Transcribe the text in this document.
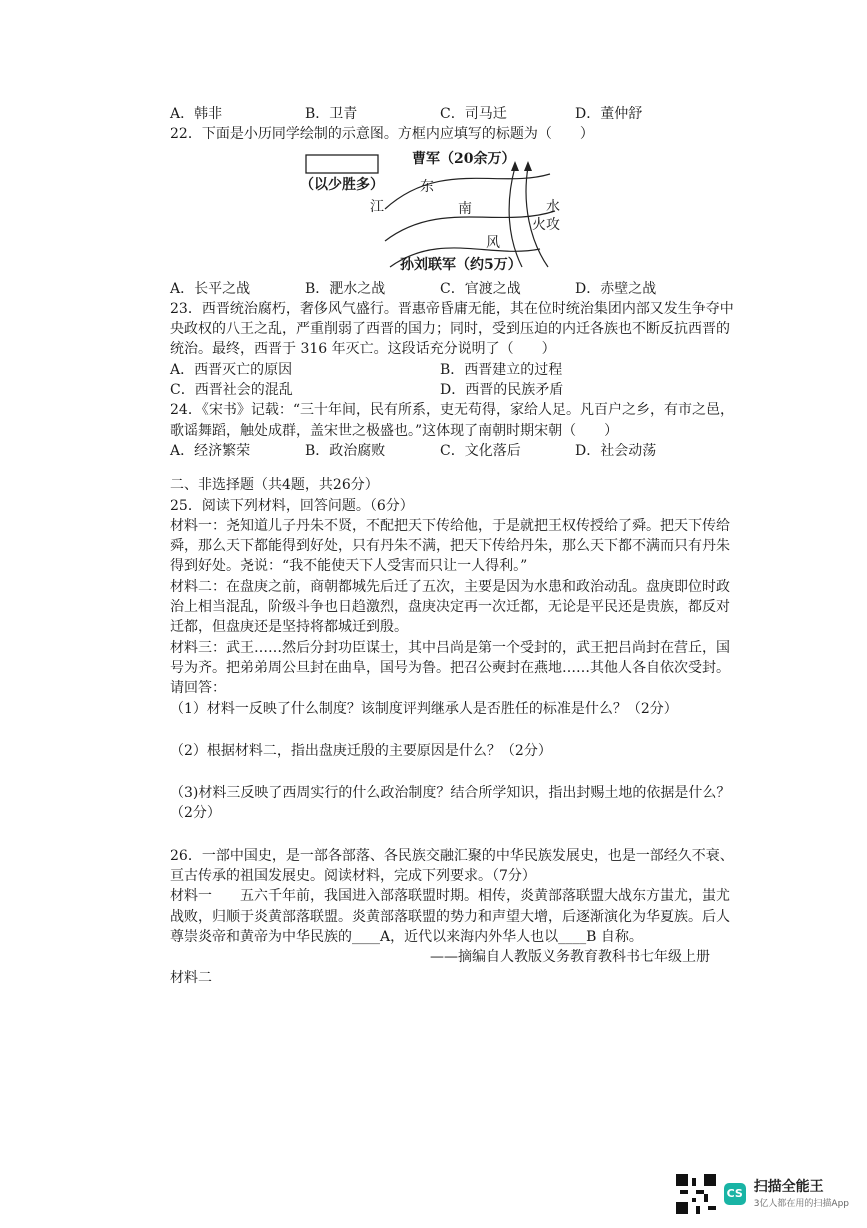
A．韩非	B．卫青	C．司马迁	D．董仲舒
22．下面是小历同学绘制的示意图。方框内应填写的标题为（　　）
曹军（20余万）
（以少胜多）
江
东
南	水
火攻
风
孙刘联军（约5万）
A．长平之战	B．淝水之战	C．官渡之战	D．赤壁之战
23．西晋统治腐朽，奢侈风气盛行。晋惠帝昏庸无能，其在位时统治集团内部又发生争夺中
央政权的八王之乱，严重削弱了西晋的国力；同时，受到压迫的内迁各族也不断反抗西晋的
统治。最终，西晋于 316 年灭亡。这段话充分说明了（　　）
A．西晋灭亡的原因	B．西晋建立的过程
C．西晋社会的混乱	D．西晋的民族矛盾
24．《宋书》记载：“三十年间，民有所系，吏无苟得，家给人足。凡百户之乡，有市之邑，
歌谣舞蹈，触处成群，盖宋世之极盛也。”这体现了南朝时期宋朝（　　）
A．经济繁荣	B．政治腐败	C．文化落后	D．社会动荡
二、非选择题（共4题，共26分）
25．阅读下列材料，回答问题。（6分）
材料一：尧知道儿子丹朱不贤，不配把天下传给他，于是就把王权传授给了舜。把天下传给
舜，那么天下都能得到好处，只有丹朱不满，把天下传给丹朱，那么天下都不满而只有丹朱
得到好处。尧说：“我不能使天下人受害而只让一人得利。”
材料二：在盘庚之前，商朝都城先后迁了五次，主要是因为水患和政治动乱。盘庚即位时政
治上相当混乱，阶级斗争也日趋激烈，盘庚决定再一次迁都，无论是平民还是贵族，都反对
迁都，但盘庚还是坚持将都城迁到殷。
材料三：武王……然后分封功臣谋士，其中吕尚是第一个受封的，武王把吕尚封在营丘，国
号为齐。把弟弟周公旦封在曲阜，国号为鲁。把召公奭封在燕地……其他人各自依次受封。
请回答：
（1）材料一反映了什么制度？该制度评判继承人是否胜任的标准是什么？（2分）
（2）根据材料二，指出盘庚迁殷的主要原因是什么？（2分）
（3)材料三反映了西周实行的什么政治制度？结合所学知识，指出封赐土地的依据是什么？
（2分）
26．一部中国史，是一部各部落、各民族交融汇聚的中华民族发展史，也是一部经久不衰、
亘古传承的祖国发展史。阅读材料，完成下列要求。（7分）
材料一　　五六千年前，我国进入部落联盟时期。相传，炎黄部落联盟大战东方蚩尤，蚩尤
战败，归顺于炎黄部落联盟。炎黄部落联盟的势力和声望大增，后逐渐演化为华夏族。后人
尊崇炎帝和黄帝为中华民族的____A，近代以来海内外华人也以____B 自称。
——摘编自人教版义务教育教科书七年级上册
材料二
CS 扫描全能王
3亿人都在用的扫描App
